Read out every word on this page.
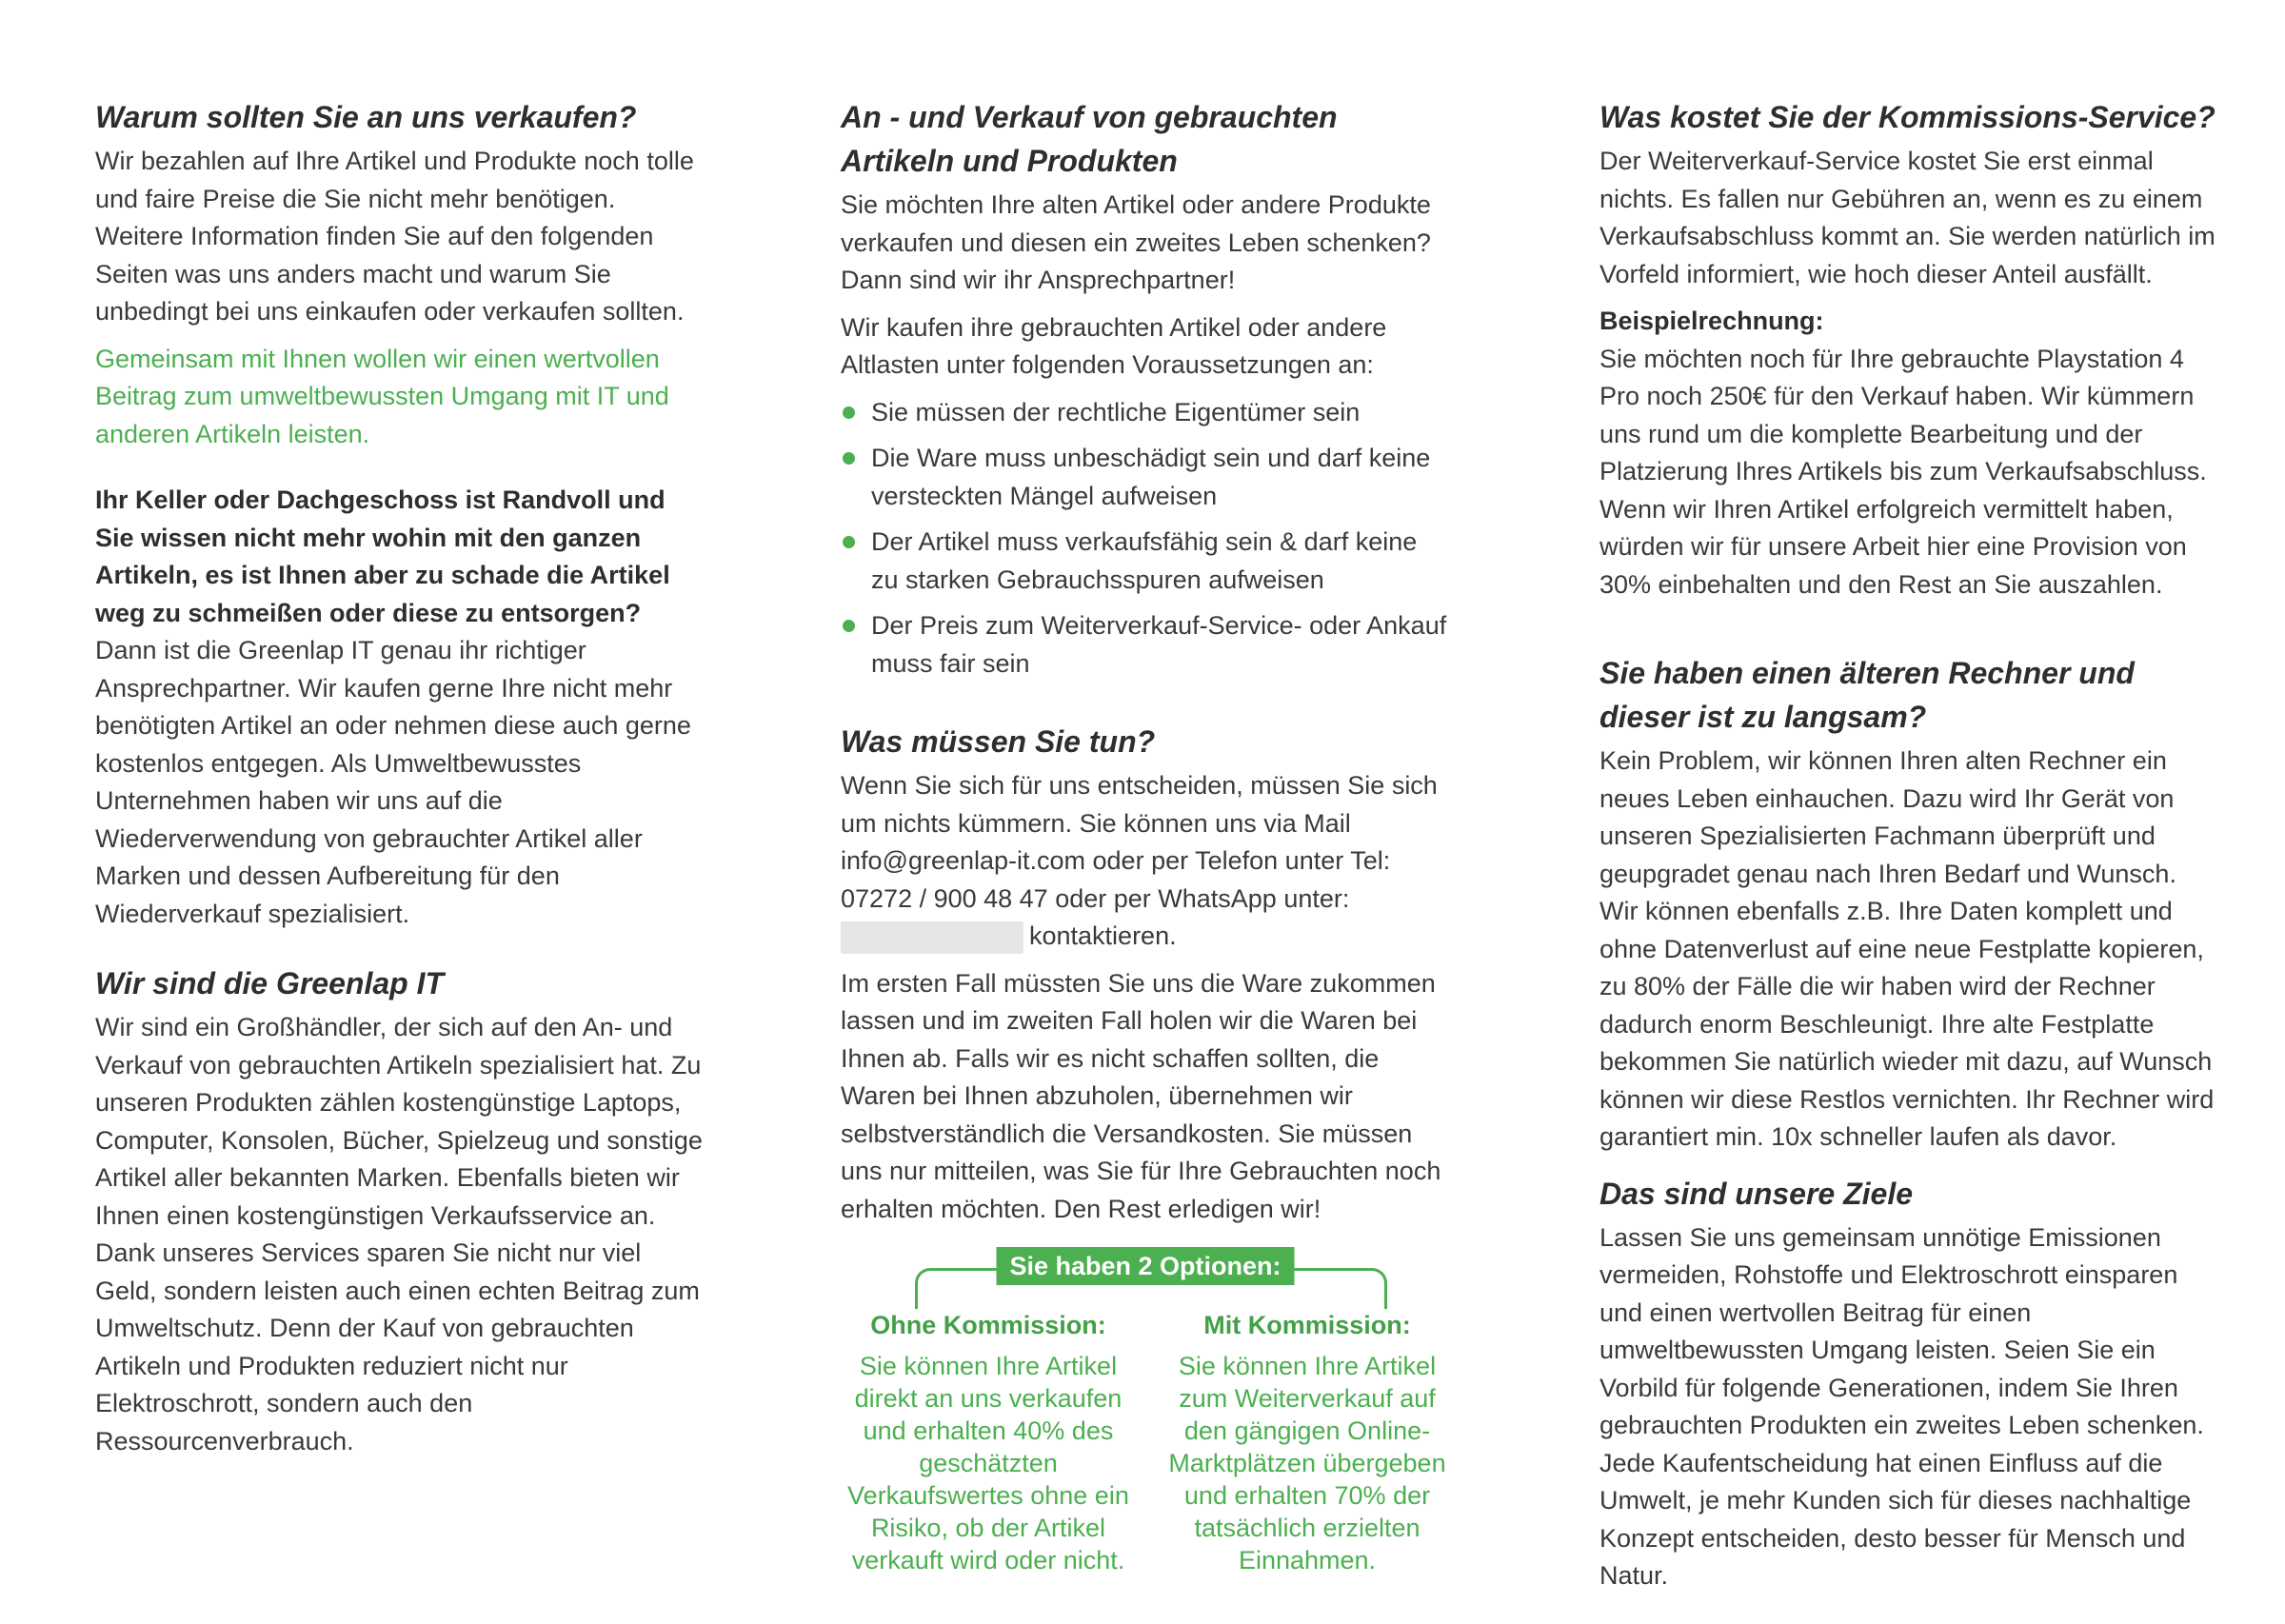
Warum sollten Sie an uns verkaufen?

Wir bezahlen auf Ihre Artikel und Produkte noch tolle und faire Preise die Sie nicht mehr benötigen. Weitere Information finden Sie auf den folgenden Seiten was uns anders macht und warum Sie unbedingt bei uns einkaufen oder verkaufen sollten.

Gemeinsam mit Ihnen wollen wir einen wertvollen Beitrag zum umweltbewussten Umgang mit IT und anderen Artikeln leisten.

Ihr Keller oder Dachgeschoss ist Randvoll und Sie wissen nicht mehr wohin mit den ganzen Artikeln, es ist Ihnen aber zu schade die Artikel weg zu schmeißen oder diese zu entsorgen?

Dann ist die Greenlap IT genau ihr richtiger Ansprechpartner. Wir kaufen gerne Ihre nicht mehr benötigten Artikel an oder nehmen diese auch gerne kostenlos entgegen. Als Umweltbewusstes Unternehmen haben wir uns auf die Wiederverwendung von gebrauchter Artikel aller Marken und dessen Aufbereitung für den Wiederverkauf spezialisiert.

Wir sind die Greenlap IT

Wir sind ein Großhändler, der sich auf den An- und Verkauf von gebrauchten Artikeln spezialisiert hat. Zu unseren Produkten zählen kostengünstige Laptops, Computer, Konsolen, Bücher, Spielzeug und sonstige Artikel aller bekannten Marken. Ebenfalls bieten wir Ihnen einen kostengünstigen Verkaufsservice an. Dank unseres Services sparen Sie nicht nur viel Geld, sondern leisten auch einen echten Beitrag zum Umweltschutz. Denn der Kauf von gebrauchten Artikeln und Produkten reduziert nicht nur Elektroschrott, sondern auch den Ressourcenverbrauch.

An - und Verkauf von gebrauchten Artikeln und Produkten

Sie möchten Ihre alten Artikel oder andere Produkte verkaufen und diesen ein zweites Leben schenken? Dann sind wir ihr Ansprechpartner!

Wir kaufen ihre gebrauchten Artikel oder andere Altlasten unter folgenden Voraussetzungen an:

Sie müssen der rechtliche Eigentümer sein
Die Ware muss unbeschädigt sein und darf keine versteckten Mängel aufweisen
Der Artikel muss verkaufsfähig sein & darf keine zu starken Gebrauchsspuren aufweisen
Der Preis zum Weiterverkauf-Service- oder Ankauf muss fair sein
Was müssen Sie tun?

Wenn Sie sich für uns entscheiden, müssen Sie sich um nichts kümmern. Sie können uns via Mail info@greenlap-it.com oder per Telefon unter Tel: 07272 / 900 48 47 oder per WhatsApp unter:

kontaktieren.

Im ersten Fall müssten Sie uns die Ware zukommen lassen und im zweiten Fall holen wir die Waren bei Ihnen ab. Falls wir es nicht schaffen sollten, die Waren bei Ihnen abzuholen, übernehmen wir selbstverständlich die Versandkosten. Sie müssen uns nur mitteilen, was Sie für Ihre Gebrauchten noch erhalten möchten. Den Rest erledigen wir!

Sie haben 2 Optionen:
Ohne Kommission:

Sie können Ihre Artikel direkt an uns verkaufen und erhalten 40% des geschätzten Verkaufswertes ohne ein Risiko, ob der Artikel verkauft wird oder nicht.

Mit Kommission:

Sie können Ihre Artikel zum Weiterverkauf auf den gängigen Online-Marktplätzen übergeben und erhalten 70% der tatsächlich erzielten Einnahmen.

Was kostet Sie der Kommissions-Service?

Der Weiterverkauf-Service kostet Sie erst einmal nichts. Es fallen nur Gebühren an, wenn es zu einem Verkaufsabschluss kommt an. Sie werden natürlich im Vorfeld informiert, wie hoch dieser Anteil ausfällt.

Beispielrechnung:

Sie möchten noch für Ihre gebrauchte Playstation 4 Pro noch 250€ für den Verkauf haben. Wir kümmern uns rund um die komplette Bearbeitung und der Platzierung Ihres Artikels bis zum Verkaufsabschluss. Wenn wir Ihren Artikel erfolgreich vermittelt haben, würden wir für unsere Arbeit hier eine Provision von 30% einbehalten und den Rest an Sie auszahlen.

Sie haben einen älteren Rechner und dieser ist zu langsam?

Kein Problem, wir können Ihren alten Rechner ein neues Leben einhauchen. Dazu wird Ihr Gerät von unseren Spezialisierten Fachmann überprüft und geupgradet genau nach Ihren Bedarf und Wunsch. Wir können ebenfalls z.B. Ihre Daten komplett und ohne Datenverlust auf eine neue Festplatte kopieren, zu 80% der Fälle die wir haben wird der Rechner dadurch enorm Beschleunigt. Ihre alte Festplatte bekommen Sie natürlich wieder mit dazu, auf Wunsch können wir diese Restlos vernichten. Ihr Rechner wird garantiert min. 10x schneller laufen als davor.

Das sind unsere Ziele

Lassen Sie uns gemeinsam unnötige Emissionen vermeiden, Rohstoffe und Elektroschrott einsparen und einen wertvollen Beitrag für einen umweltbewussten Umgang leisten. Seien Sie ein Vorbild für folgende Generationen, indem Sie Ihren gebrauchten Produkten ein zweites Leben schenken. Jede Kaufentscheidung hat einen Einfluss auf die Umwelt, je mehr Kunden sich für dieses nachhaltige Konzept entscheiden, desto besser für Mensch und Natur.
